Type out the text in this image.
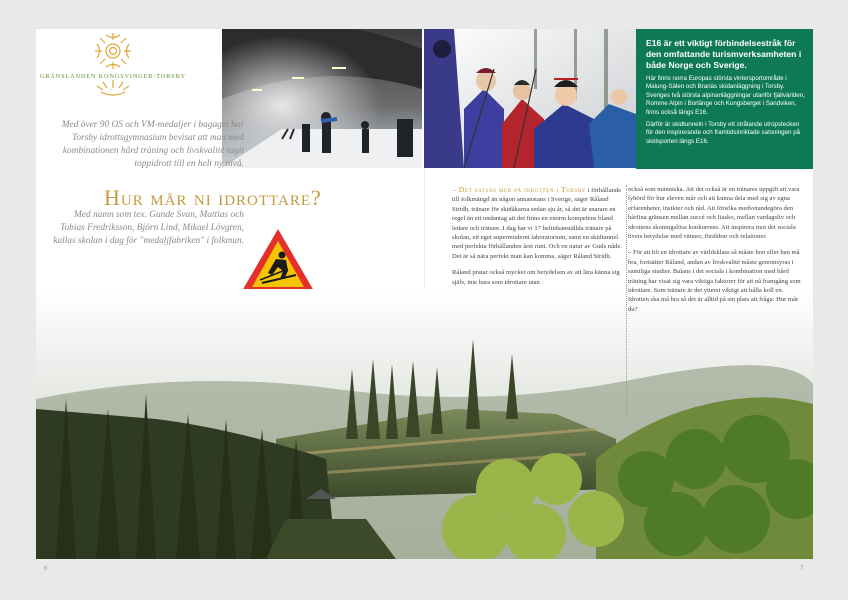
GRÄNSLÄNDEN KONGSVINGER-TORSBY

E16 är ett viktigt förbindelsestråk för den omfattande turismverksamheten i både Norge och Sverige.

Här finns norra Europas största vintersportområde i Malung-Sälen och Branäs skidanläggning i Torsby. Sveriges två största alpinanläggningar utanför fjällvärlden, Romme Alpin i Borlänge och Kungsberget i Sandviken, finns också längs E16.

Därför är skidtunneln i Torsby ett strålande utropstecken för den inspirerande och framtidsinriktade satsningen på skidsporten längs E16.

Med över 90 OS och VM-medaljer i bagaget har Torsby idrottsgymnasium bevisat att man med kombinationen hård träning och livskvalité tagit toppidrott till en helt ny nivå.
Hur mår ni idrottare?
Med namn som tex. Gunde Svan, Mattias och Tobias Fredriksson, Björn Lind, Mikael Lövgren, kallas skolan i dag för "medaljfabriken" i folkmun.

– Det satsas mer på idrotten i Torsby i förhållande till folkmängd än någon annanstans i Sverige, säger Råland Stridh, tränare för skidåkarna sedan sju år, så det är snarare en regel än ett undantag att det finns en enorm kompetens bland ledare och tränare. I dag har vi 17 heltidsanställda tränare på skolan, ett eget supermodernt laboratorium, samt en skidtunnel med perfekta förhållanden året runt. Och en natur av Guds nåde. Det är så nära perfekt man kan komma, säger Råland Stridh.

Råland pratar också mycket om betydelsen av att lära känna sig själv, inte bara som idrottare utan

också som människa. Att det också är en tränares uppgift att vara lyhörd för hur eleven mår och att kunna dela med sig av egna erfarenheter, insikter och råd. Att försöka medvetandegöra den hårfina gränsen mellan succé och fiasko, mellan vardagsliv och idrottens skoningslösa konkurrens. Att inspirera mot det sociala livets betydelse med vänner, föräldrar och relationer.

– För att bli en idrottare av världsklass så måste hon eller han må bra, fortsätter Råland, andan av livskvalité måste genomsyras i samtliga studier. Balans i det sociala i kombination med hård träning har visat sig vara viktiga faktorer för att nå framgång som idrottare. Som tränare är det ytterst viktigt att hålla koll en. Idrotten ska må bra så det är alltid på sin plats att fråga: Hur mår du?

6	7
